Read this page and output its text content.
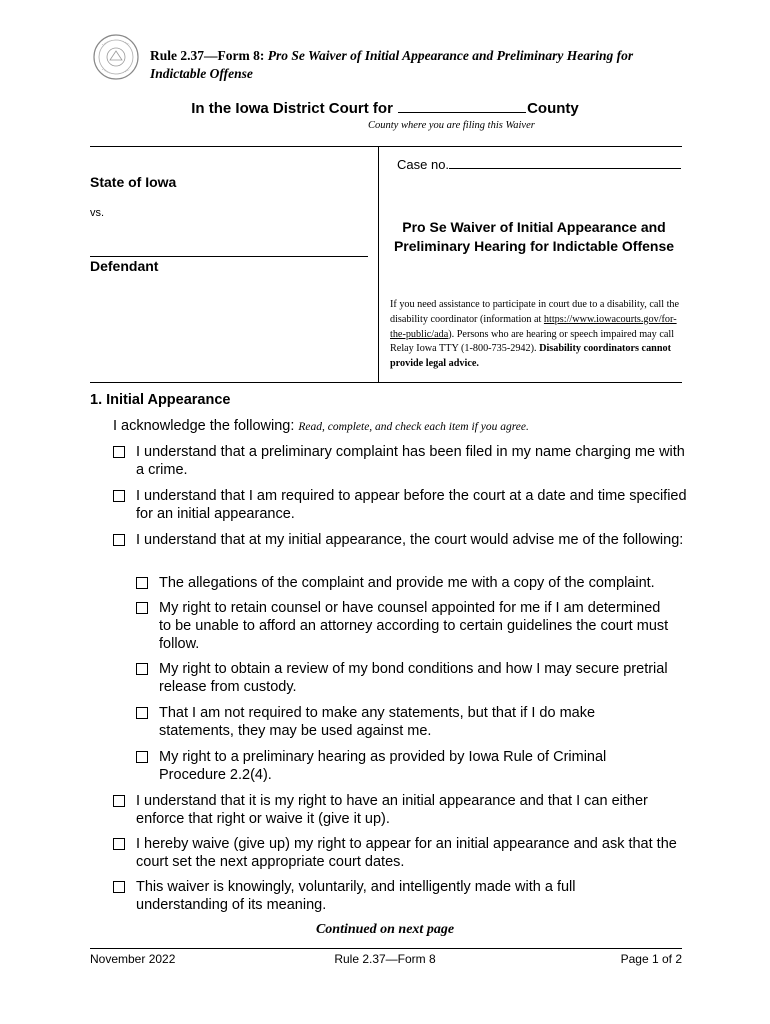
Rule 2.37—Form 8: Pro Se Waiver of Initial Appearance and Preliminary Hearing for
Indictable Offense
In the Iowa District Court for	County
County where you are filing this Waiver
State of Iowa
vs.
Defendant
Case no.
Pro Se Waiver of Initial Appearance and Preliminary Hearing for Indictable Offense
If you need assistance to participate in court due to a disability, call the disability coordinator (information at https://www.iowacourts.gov/for-the-public/ada). Persons who are hearing or speech impaired may call Relay Iowa TTY (1-800-735-2942). Disability coordinators cannot provide legal advice.
1. Initial Appearance
I acknowledge the following: Read, complete, and check each item if you agree.
I understand that a preliminary complaint has been filed in my name charging me with a crime.
I understand that I am required to appear before the court at a date and time specified for an initial appearance.
I understand that at my initial appearance, the court would advise me of the following:
The allegations of the complaint and provide me with a copy of the complaint.
My right to retain counsel or have counsel appointed for me if I am determined to be unable to afford an attorney according to certain guidelines the court must follow.
My right to obtain a review of my bond conditions and how I may secure pretrial release from custody.
That I am not required to make any statements, but that if I do make statements, they may be used against me.
My right to a preliminary hearing as provided by Iowa Rule of Criminal Procedure 2.2(4).
I understand that it is my right to have an initial appearance and that I can either enforce that right or waive it (give it up).
I hereby waive (give up) my right to appear for an initial appearance and ask that the court set the next appropriate court dates.
This waiver is knowingly, voluntarily, and intelligently made with a full understanding of its meaning.
Continued on next page
November 2022	Rule 2.37—Form 8	Page 1 of 2
